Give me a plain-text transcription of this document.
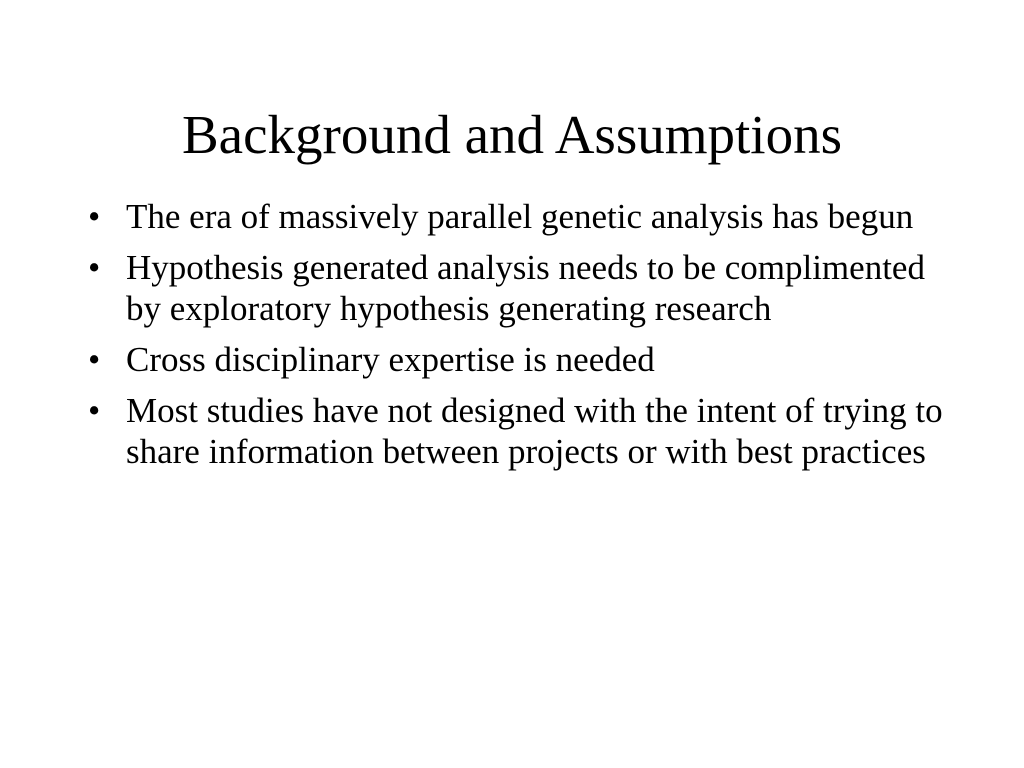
Background and Assumptions
• The era of massively parallel genetic analysis has begun
• Hypothesis generated analysis needs to be complimented by exploratory hypothesis generating research
• Cross disciplinary expertise is needed
• Most studies have not designed with the intent of trying to share information between projects or with best practices
